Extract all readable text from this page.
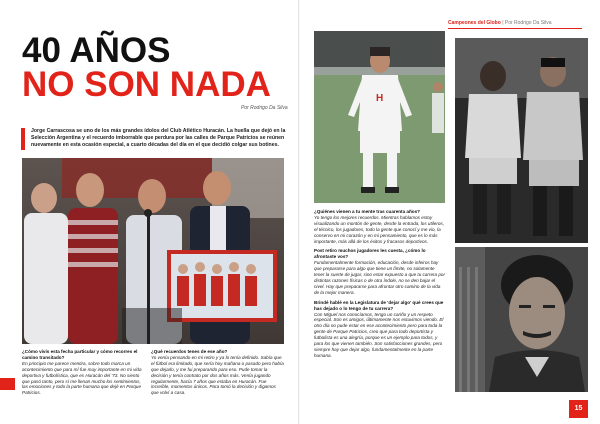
40 AÑOS
NO SON NADA
Por Rodrigo Da Silva
Jorge Carrascosa se uno de los más grandes ídolos del Club Atlético Huracán. La huella que dejó en la Selección Argentina y el recuerdo imborrable que perdura por las calles de Parque Patricios se reúnen nuevamente en esta ocasión especial, a cuarto décadas del día en el que decidió colgar sus botines.

¿Cómo vivís esta fecha particular y cómo recorres el camino transitado?
En principio me parece mentira, sobre todo marca un acontecimiento que para mí fue muy importante en mi vida deportiva y futbolística, que es Huracán del '73. No siento que pasó tanto, pero sí me llenan mucho los sentimientos, las emociones y todo la parte humana que dejé en Parque Patricios.

¿Qué recuerdos tenes de ese año?
Yo venía pensando en mi retiro y ya lo tenía definido. Sabía que el fútbol era limitado, que sería hoy mañana o pasado pero había que dejarlo, y me fui preparando para eso. Pude tomar la decisión y tenía contrato por dos años más. Venía jugando regularmente, hacía 7 años que estaba en Huracán. Fue increíble, momentos únicos. Para tomó la decisión y digamos que volví a casa.

Campeones del Globo | Por Rodrigo Da Silva
H

¿Quiénes vienen a tu mente tras cuarenta años?
Yo tengo los mejores recuerdos. Mientras hablamos estoy visualizando un montón de gente, desde la entrada, los utileros, el técnico, los jugadores, todo la gente que conocí y me vio, la conservo en mi corazón y en mi pensamiento, que es lo más importante, más allá de los éxitos y fracasos deportivos.

Post retiro muchos jugadores les cuesta, ¿cómo lo afrontaste vos?
Fundamentalmente formación, educación, desde infeiros hay que prepararse para algo que tiene un límite, no solamente tener la suerte de jugar, sino estar expuesto a que tu carrera por distintas razones físicas o de otra índole, no se den bajar el nivel. Hay que prepararse para afrontar otro camino de la vida de la mejor manera.

Brindé hablé en la Legislatura de 'dejar algo' qué crees que has dejado o lo tengo de tu carrera?
Con Miguel nos conocíamos, tengo un cariño y un respeto especial. Son es amigos, últimamente nos estuvimos viendo. El otro día no pude estar en ese acontecimiento pero para toda la gente de Parque Patricios, creo que para todo deportista y futbolista es una alegría, porque es un ejemplo para todos, y para los que vienen también. Son satisfacciones grandes, pero siempre hay que dejar algo, fundamentalmente en la parte humana.

15
